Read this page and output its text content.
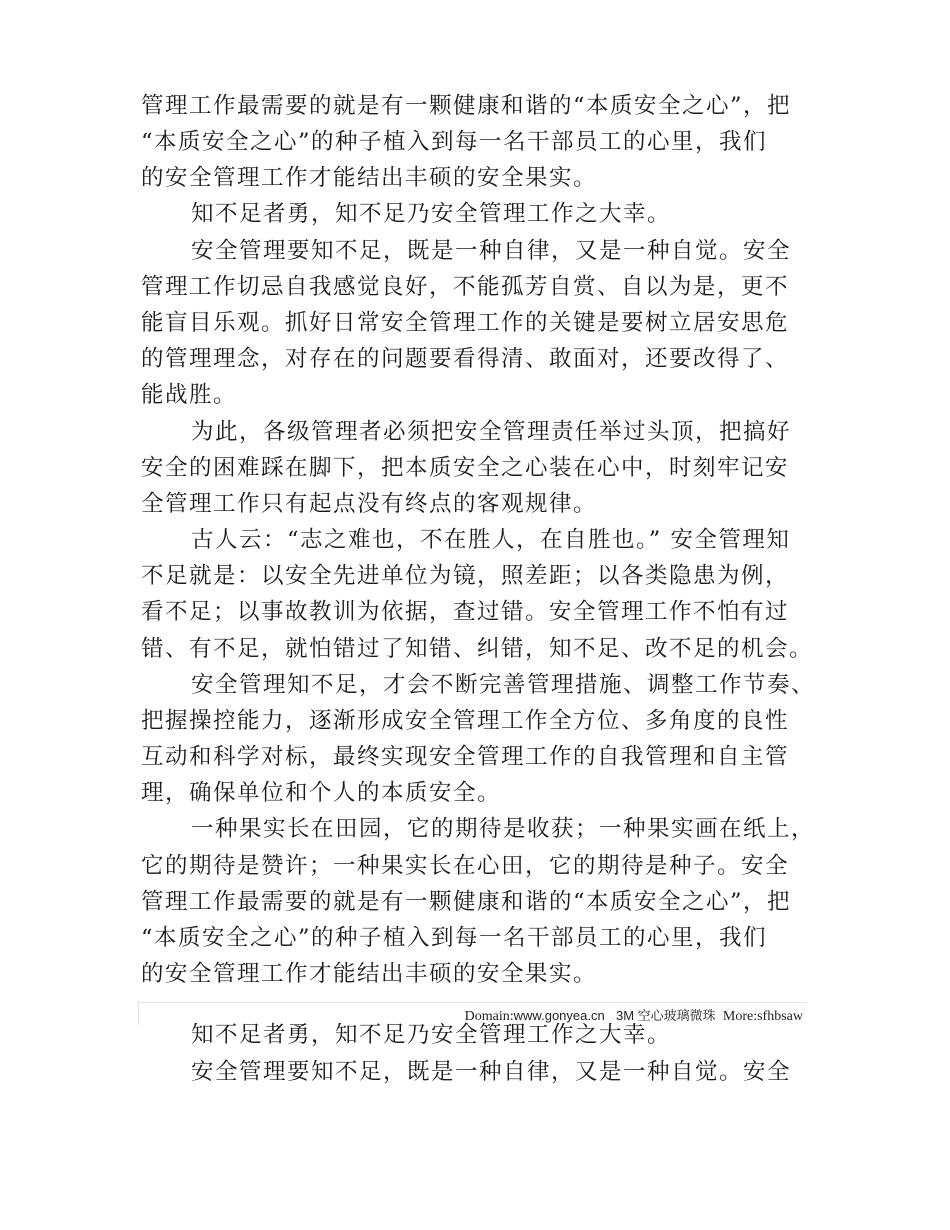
管理工作最需要的就是有一颗健康和谐的“本质安全之心”，把
“本质安全之心”的种子植入到每一名干部员工的心里，我们
的安全管理工作才能结出丰硕的安全果实。
知不足者勇，知不足乃安全管理工作之大幸。
安全管理要知不足，既是一种自律，又是一种自觉。安全
管理工作切忌自我感觉良好，不能孤芳自赏、自以为是，更不
能盲目乐观。抓好日常安全管理工作的关键是要树立居安思危
的管理理念，对存在的问题要看得清、敢面对，还要改得了、
能战胜。
为此，各级管理者必须把安全管理责任举过头顶，把搞好
安全的困难踩在脚下，把本质安全之心装在心中，时刻牢记安
全管理工作只有起点没有终点的客观规律。
古人云：“志之难也，不在胜人，在自胜也。” 安全管理知
不足就是：以安全先进单位为镜，照差距；以各类隐患为例，
看不足；以事故教训为依据，查过错。安全管理工作不怕有过
错、有不足，就怕错过了知错、纠错，知不足、改不足的机会。
安全管理知不足，才会不断完善管理措施、调整工作节奏、
把握操控能力，逐渐形成安全管理工作全方位、多角度的良性
互动和科学对标，最终实现安全管理工作的自我管理和自主管
理，确保单位和个人的本质安全。
一种果实长在田园，它的期待是收获；一种果实画在纸上，
它的期待是赞许；一种果实长在心田，它的期待是种子。安全
管理工作最需要的就是有一颗健康和谐的“本质安全之心”，把
“本质安全之心”的种子植入到每一名干部员工的心里，我们
的安全管理工作才能结出丰硕的安全果实。
Domain:www.gonyea.cn 3M 空心玻璃微珠 More:sfhbsaw
知不足者勇，知不足乃安全管理工作之大幸。
安全管理要知不足，既是一种自律，又是一种自觉。安全
